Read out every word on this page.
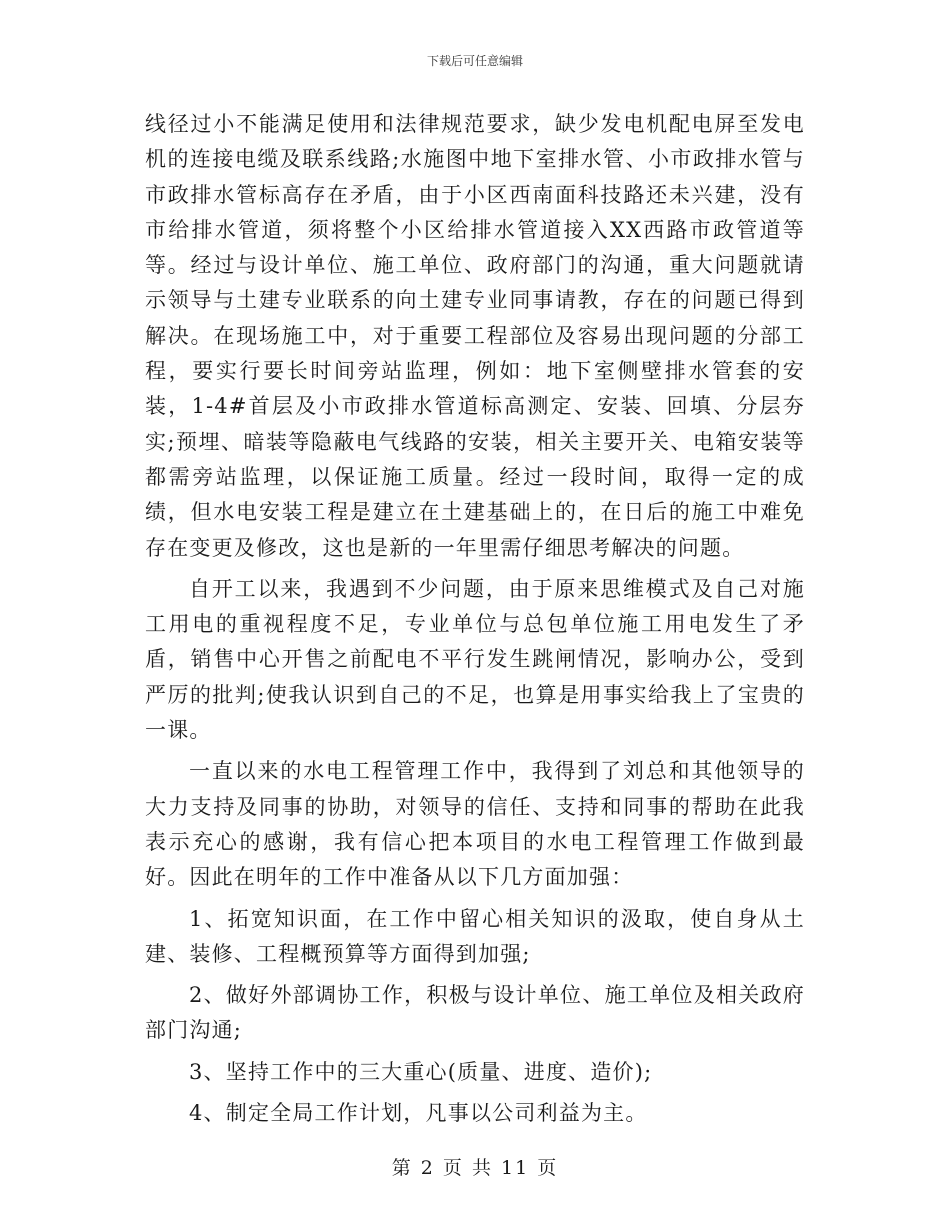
下载后可任意编辑

线径过小不能满足使用和法律规范要求，缺少发电机配电屏至发电机的连接电缆及联系线路;水施图中地下室排水管、小市政排水管与市政排水管标高存在矛盾，由于小区西南面科技路还未兴建，没有市给排水管道，须将整个小区给排水管道接入XX西路市政管道等等。经过与设计单位、施工单位、政府部门的沟通，重大问题就请示领导与土建专业联系的向土建专业同事请教，存在的问题已得到解决。在现场施工中，对于重要工程部位及容易出现问题的分部工程，要实行要长时间旁站监理，例如：地下室侧壁排水管套的安装，1-4#首层及小市政排水管道标高测定、安装、回填、分层夯实;预埋、暗装等隐蔽电气线路的安装，相关主要开关、电箱安装等都需旁站监理，以保证施工质量。经过一段时间，取得一定的成绩，但水电安装工程是建立在土建基础上的，在日后的施工中难免存在变更及修改，这也是新的一年里需仔细思考解决的问题。

自开工以来，我遇到不少问题，由于原来思维模式及自己对施工用电的重视程度不足，专业单位与总包单位施工用电发生了矛盾，销售中心开售之前配电不平行发生跳闸情况，影响办公，受到严厉的批判;使我认识到自己的不足，也算是用事实给我上了宝贵的一课。

一直以来的水电工程管理工作中，我得到了刘总和其他领导的大力支持及同事的协助，对领导的信任、支持和同事的帮助在此我表示充心的感谢，我有信心把本项目的水电工程管理工作做到最好。因此在明年的工作中准备从以下几方面加强：

1、拓宽知识面，在工作中留心相关知识的汲取，使自身从土建、装修、工程概预算等方面得到加强;

2、做好外部调协工作，积极与设计单位、施工单位及相关政府部门沟通;

3、坚持工作中的三大重心(质量、进度、造价);

4、制定全局工作计划，凡事以公司利益为主。

第 2 页 共 11 页
